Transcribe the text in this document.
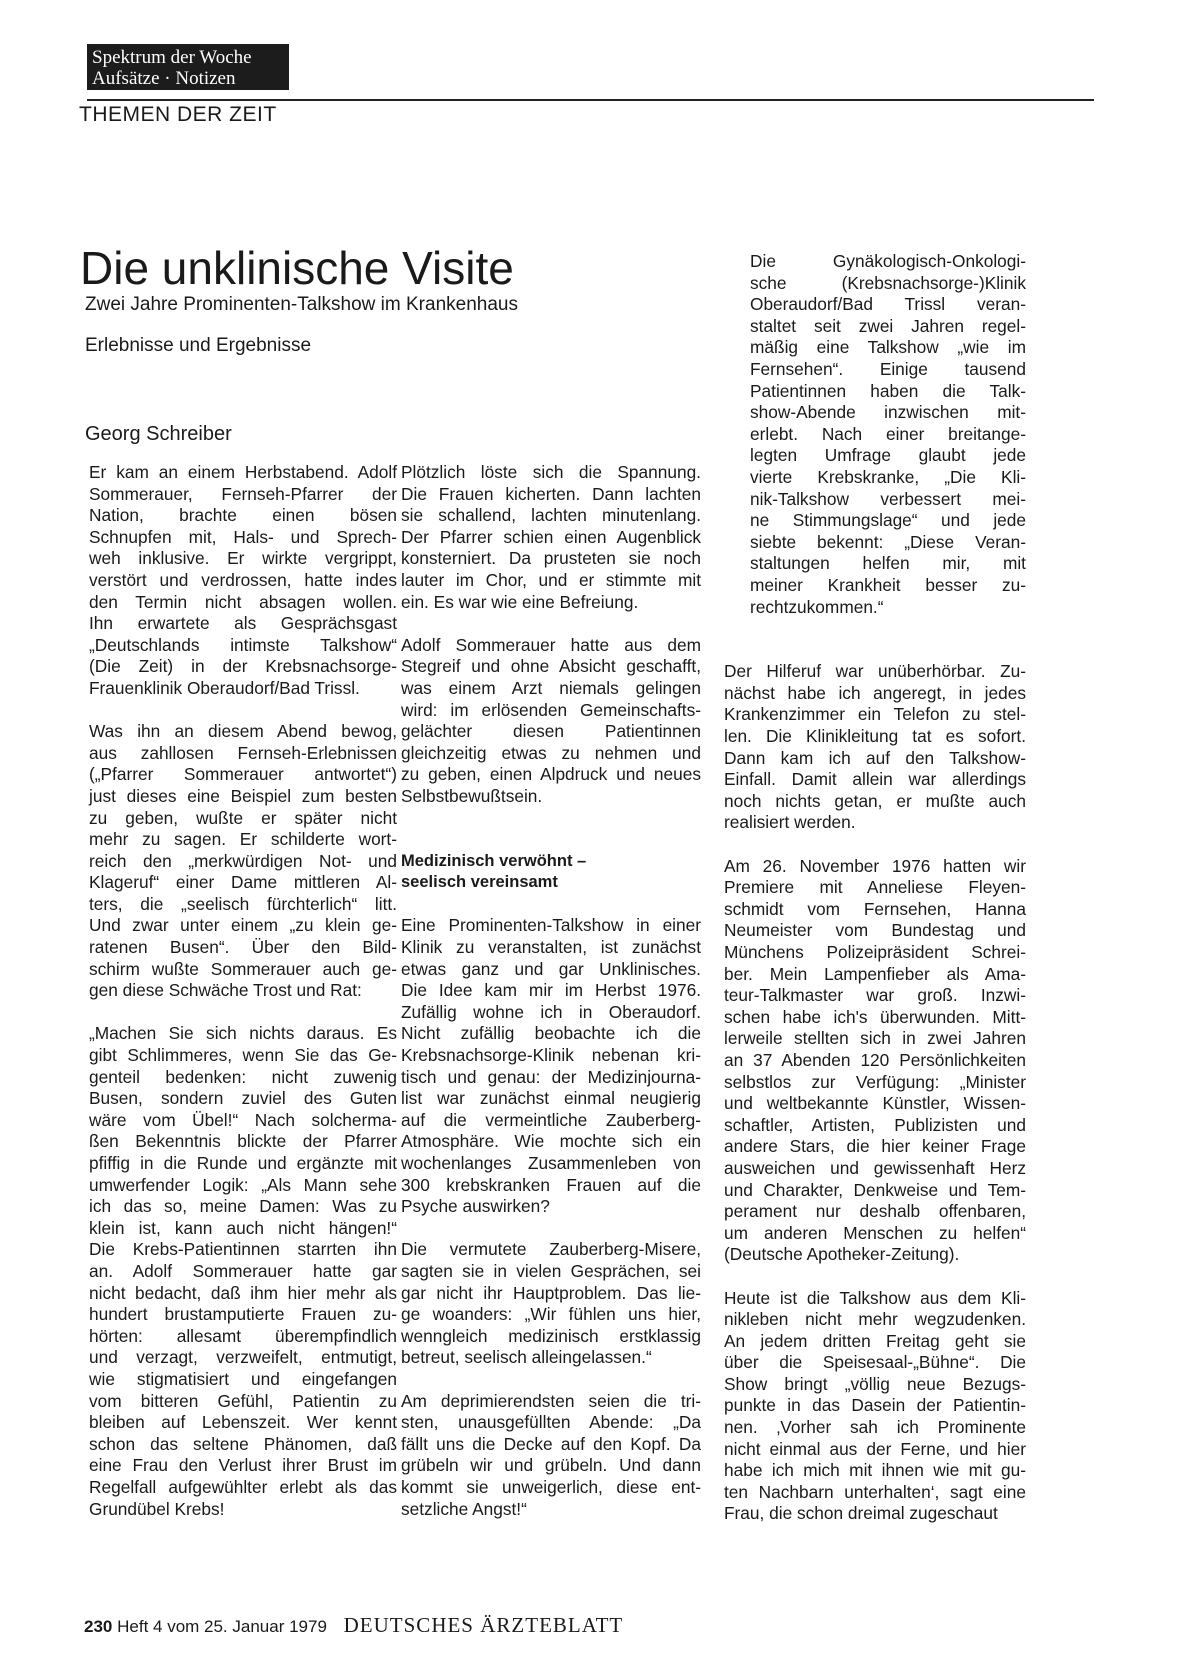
Spektrum der Woche
Aufsätze · Notizen
THEMEN DER ZEIT
Die unklinische Visite
Zwei Jahre Prominenten-Talkshow im Krankenhaus
Erlebnisse und Ergebnisse
Georg Schreiber
Er kam an einem Herbstabend. Adolf
Sommerauer, Fernseh-Pfarrer der
Nation, brachte einen bösen
Schnupfen mit, Hals- und Sprech-
weh inklusive. Er wirkte vergrippt,
verstört und verdrossen, hatte indes
den Termin nicht absagen wollen.
Ihn erwartete als Gesprächsgast
„Deutschlands intimste Talkshow“
(Die Zeit) in der Krebsnachsorge-
Frauenklinik Oberaudorf/Bad Trissl.
Was ihn an diesem Abend bewog,
aus zahllosen Fernseh-Erlebnissen
(„Pfarrer Sommerauer antwortet“)
just dieses eine Beispiel zum besten
zu geben, wußte er später nicht
mehr zu sagen. Er schilderte wort-
reich den „merkwürdigen Not- und
Klageruf“ einer Dame mittleren Al-
ters, die „seelisch fürchterlich“ litt.
Und zwar unter einem „zu klein ge-
ratenen Busen“. Über den Bild-
schirm wußte Sommerauer auch ge-
gen diese Schwäche Trost und Rat:
„Machen Sie sich nichts daraus. Es
gibt Schlimmeres, wenn Sie das Ge-
genteil bedenken: nicht zuwenig
Busen, sondern zuviel des Guten
wäre vom Übel!“ Nach solcherma-
ßen Bekenntnis blickte der Pfarrer
pfiffig in die Runde und ergänzte mit
umwerfender Logik: „Als Mann sehe
ich das so, meine Damen: Was zu
klein ist, kann auch nicht hängen!“
Die Krebs-Patientinnen starrten ihn
an. Adolf Sommerauer hatte gar
nicht bedacht, daß ihm hier mehr als
hundert brustamputierte Frauen zu-
hörten: allesamt überempfindlich
und verzagt, verzweifelt, entmutigt,
wie stigmatisiert und eingefangen
vom bitteren Gefühl, Patientin zu
bleiben auf Lebenszeit. Wer kennt
schon das seltene Phänomen, daß
eine Frau den Verlust ihrer Brust im
Regelfall aufgewühlter erlebt als das
Grundübel Krebs!
Plötzlich löste sich die Spannung.
Die Frauen kicherten. Dann lachten
sie schallend, lachten minutenlang.
Der Pfarrer schien einen Augenblick
konsterniert. Da prusteten sie noch
lauter im Chor, und er stimmte mit
ein. Es war wie eine Befreiung.
Adolf Sommerauer hatte aus dem
Stegreif und ohne Absicht geschafft,
was einem Arzt niemals gelingen
wird: im erlösenden Gemeinschafts-
gelächter diesen Patientinnen
gleichzeitig etwas zu nehmen und
zu geben, einen Alpdruck und neues
Selbstbewußtsein.
Medizinisch verwöhnt –
seelisch vereinsamt
Eine Prominenten-Talkshow in einer
Klinik zu veranstalten, ist zunächst
etwas ganz und gar Unklinisches.
Die Idee kam mir im Herbst 1976.
Zufällig wohne ich in Oberaudorf.
Nicht zufällig beobachte ich die
Krebsnachsorge-Klinik nebenan kri-
tisch und genau: der Medizinjourna-
list war zunächst einmal neugierig
auf die vermeintliche Zauberberg-
Atmosphäre. Wie mochte sich ein
wochenlanges Zusammenleben von
300 krebskranken Frauen auf die
Psyche auswirken?
Die vermutete Zauberberg-Misere,
sagten sie in vielen Gesprächen, sei
gar nicht ihr Hauptproblem. Das lie-
ge woanders: „Wir fühlen uns hier,
wenngleich medizinisch erstklassig
betreut, seelisch alleingelassen.“
Am deprimierendsten seien die tri-
sten, unausgefüllten Abende: „Da
fällt uns die Decke auf den Kopf. Da
grübeln wir und grübeln. Und dann
kommt sie unweigerlich, diese ent-
setzliche Angst!“
Die Gynäkologisch-Onkologi-
sche (Krebsnachsorge-)Klinik
Oberaudorf/Bad Trissl veran-
staltet seit zwei Jahren regel-
mäßig eine Talkshow „wie im
Fernsehen“. Einige tausend
Patientinnen haben die Talk-
show-Abende inzwischen mit-
erlebt. Nach einer breitange-
legten Umfrage glaubt jede
vierte Krebskranke, „Die Kli-
nik-Talkshow verbessert mei-
ne Stimmungslage“ und jede
siebte bekennt: „Diese Veran-
staltungen helfen mir, mit
meiner Krankheit besser zu-
rechtzukommen.“
Der Hilferuf war unüberhörbar. Zu-
nächst habe ich angeregt, in jedes
Krankenzimmer ein Telefon zu stel-
len. Die Klinikleitung tat es sofort.
Dann kam ich auf den Talkshow-
Einfall. Damit allein war allerdings
noch nichts getan, er mußte auch
realisiert werden.
Am 26. November 1976 hatten wir
Premiere mit Anneliese Fleyen-
schmidt vom Fernsehen, Hanna
Neumeister vom Bundestag und
Münchens Polizeipräsident Schrei-
ber. Mein Lampenfieber als Ama-
teur-Talkmaster war groß. Inzwi-
schen habe ich's überwunden. Mitt-
lerweile stellten sich in zwei Jahren
an 37 Abenden 120 Persönlichkeiten
selbstlos zur Verfügung: „Minister
und weltbekannte Künstler, Wissen-
schaftler, Artisten, Publizisten und
andere Stars, die hier keiner Frage
ausweichen und gewissenhaft Herz
und Charakter, Denkweise und Tem-
perament nur deshalb offenbaren,
um anderen Menschen zu helfen“
(Deutsche Apotheker-Zeitung).
Heute ist die Talkshow aus dem Kli-
nikleben nicht mehr wegzudenken.
An jedem dritten Freitag geht sie
über die Speisesaal-„Bühne“. Die
Show bringt „völlig neue Bezugs-
punkte in das Dasein der Patientin-
nen. ‚Vorher sah ich Prominente
nicht einmal aus der Ferne, und hier
habe ich mich mit ihnen wie mit gu-
ten Nachbarn unterhalten‘, sagt eine
Frau, die schon dreimal zugeschaut
230 Heft 4 vom 25. Januar 1979 DEUTSCHES ÄRZTEBLATT
